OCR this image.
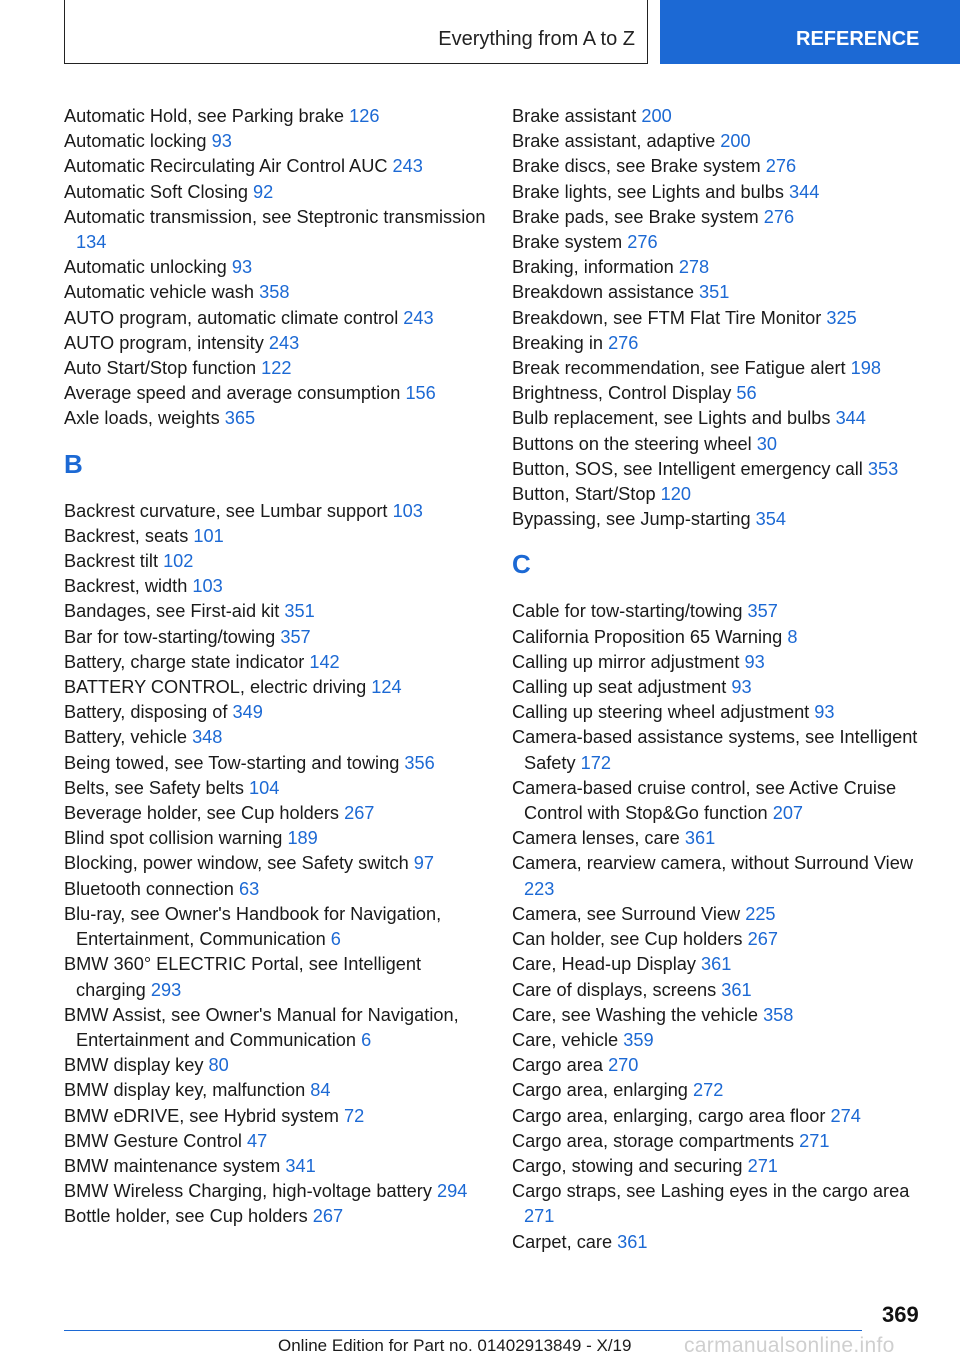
Everything from A to Z	REFERENCE
Automatic Hold, see Parking brake 126
Automatic locking 93
Automatic Recirculating Air Control AUC 243
Automatic Soft Closing 92
Automatic transmission, see Steptronic transmission 134
Automatic unlocking 93
Automatic vehicle wash 358
AUTO program, automatic climate control 243
AUTO program, intensity 243
Auto Start/Stop function 122
Average speed and average consumption 156
Axle loads, weights 365
B
Backrest curvature, see Lumbar support 103
Backrest, seats 101
Backrest tilt 102
Backrest, width 103
Bandages, see First-aid kit 351
Bar for tow-starting/towing 357
Battery, charge state indicator 142
BATTERY CONTROL, electric driving 124
Battery, disposing of 349
Battery, vehicle 348
Being towed, see Tow-starting and towing 356
Belts, see Safety belts 104
Beverage holder, see Cup holders 267
Blind spot collision warning 189
Blocking, power window, see Safety switch 97
Bluetooth connection 63
Blu-ray, see Owner's Handbook for Navigation, Entertainment, Communication 6
BMW 360° ELECTRIC Portal, see Intelligent charging 293
BMW Assist, see Owner's Manual for Navigation, Entertainment and Communication 6
BMW display key 80
BMW display key, malfunction 84
BMW eDRIVE, see Hybrid system 72
BMW Gesture Control 47
BMW maintenance system 341
BMW Wireless Charging, high-voltage battery 294
Bottle holder, see Cup holders 267
Brake assistant 200
Brake assistant, adaptive 200
Brake discs, see Brake system 276
Brake lights, see Lights and bulbs 344
Brake pads, see Brake system 276
Brake system 276
Braking, information 278
Breakdown assistance 351
Breakdown, see FTM Flat Tire Monitor 325
Breaking in 276
Break recommendation, see Fatigue alert 198
Brightness, Control Display 56
Bulb replacement, see Lights and bulbs 344
Buttons on the steering wheel 30
Button, SOS, see Intelligent emergency call 353
Button, Start/Stop 120
Bypassing, see Jump-starting 354
C
Cable for tow-starting/towing 357
California Proposition 65 Warning 8
Calling up mirror adjustment 93
Calling up seat adjustment 93
Calling up steering wheel adjustment 93
Camera-based assistance systems, see Intelligent Safety 172
Camera-based cruise control, see Active Cruise Control with Stop&Go function 207
Camera lenses, care 361
Camera, rearview camera, without Surround View 223
Camera, see Surround View 225
Can holder, see Cup holders 267
Care, Head-up Display 361
Care of displays, screens 361
Care, see Washing the vehicle 358
Care, vehicle 359
Cargo area 270
Cargo area, enlarging 272
Cargo area, enlarging, cargo area floor 274
Cargo area, storage compartments 271
Cargo, stowing and securing 271
Cargo straps, see Lashing eyes in the cargo area 271
Carpet, care 361
369
Online Edition for Part no. 01402913849 - X/19	carmanualsonline.info
